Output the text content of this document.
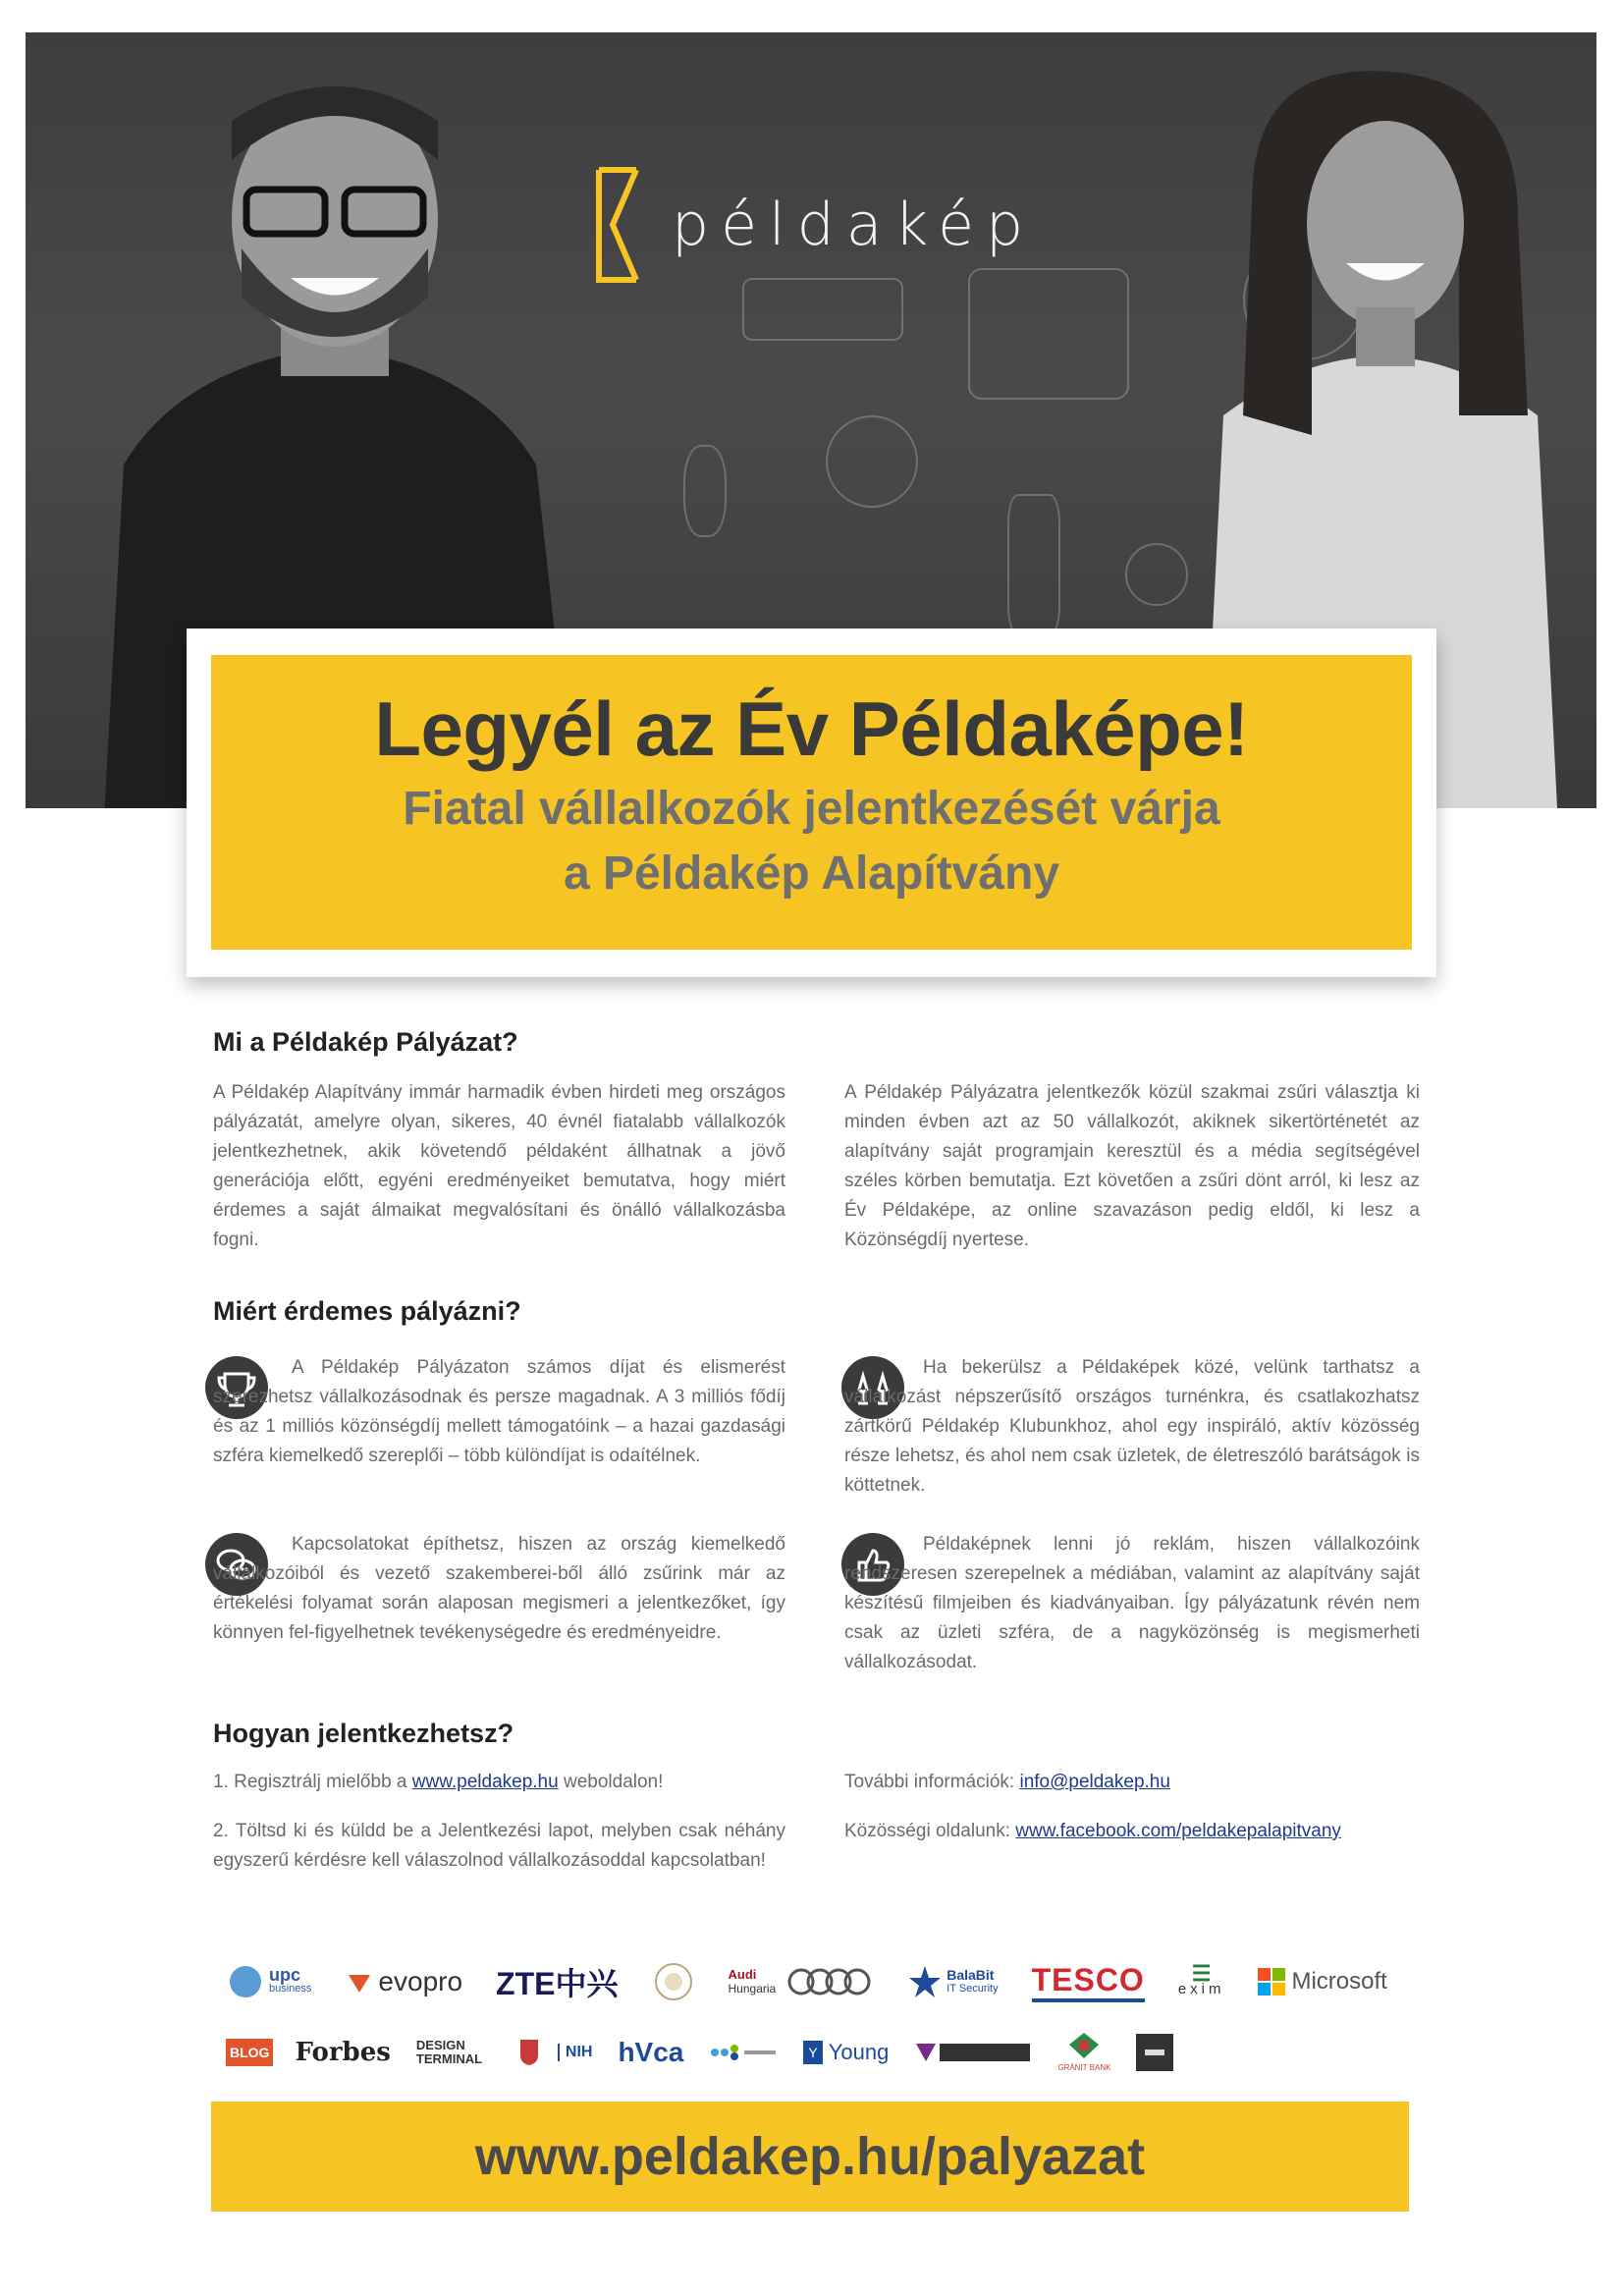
példakép
Legyél az Év Példaképe!
Fiatal vállalkozók jelentkezését várja
a Példakép Alapítvány
Mi a Példakép Pályázat?
A Példakép Alapítvány immár harmadik évben hirdeti meg országos pályázatát, amelyre olyan, sikeres, 40 évnél fiatalabb vállalkozók jelentkezhetnek, akik követendő példaként állhatnak a jövő generációja előtt, egyéni eredményeiket bemutatva, hogy miért érdemes a saját álmaikat megvalósítani és önálló vállalkozásba fogni.
A Példakép Pályázatra jelentkezők közül szakmai zsűri választja ki minden évben azt az 50 vállalkozót, akiknek sikertörténetét az alapítvány saját programjain keresztül és a média segítségével széles körben bemutatja. Ezt követően a zsűri dönt arról, ki lesz az Év Példaképe, az online szavazáson pedig eldől, ki lesz a Közönségdíj nyertese.
Miért érdemes pályázni?
A Példakép Pályázaton számos díjat és elismerést szerezhetsz vállalkozásodnak és persze magadnak. A 3 milliós fődíj és az 1 milliós közönségdíj mellett támogatóink – a hazai gazdasági szféra kiemelkedő szereplői – több különdíjat is odaítélnek.
Ha bekerülsz a Példaképek közé, velünk tarthatsz a vállalkozást népszerűsítő országos turnénkra, és csatlakozhatsz zártkörű Példakép Klubunkhoz, ahol egy inspiráló, aktív közösség része lehetsz, és ahol nem csak üzletek, de életreszóló barátságok is köttetnek.
Kapcsolatokat építhetsz, hiszen az ország kiemelkedő vállalkozóiból és vezető szakemberei-ből álló zsűrink már az értékelési folyamat során alaposan megismeri a jelentkezőket, így könnyen fel-figyelhetnek tevékenységedre és eredményeidre.
Példaképnek lenni jó reklám, hiszen vállalkozóink rendszeresen szerepelnek a médiában, valamint az alapítvány saját készítésű filmjeiben és kiadványaiban. Így pályázatunk révén nem csak az üzleti szféra, de a nagyközönség is megismerheti vállalkozásodat.
Hogyan jelentkezhetsz?
1. Regisztrálj mielőbb a www.peldakep.hu weboldalon!
2. Töltsd ki és küldd be a Jelentkezési lapot, melyben csak néhány egyszerű kérdésre kell válaszolnod vállalkozásoddal kapcsolatban!
További információk: info@peldakep.hu
Közösségi oldalunk: www.facebook.com/peldakepalapitvany
upc
business evopro ZTE中兴	Audi
Hungaria
BalaBit
IT Security TESCO	☰
exim	Microsoft
BLOG Forbes DESIGN TERMINAL	NIH hVca	Y Young
GRÁNIT BANK
www.peldakep.hu/palyazat
